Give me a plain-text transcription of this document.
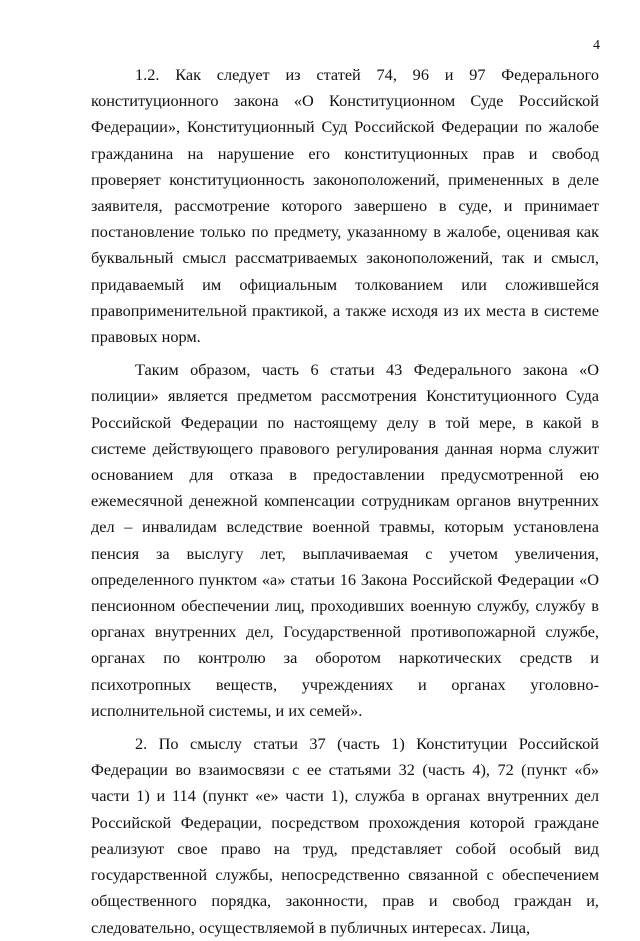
4

1.2. Как следует из статей 74, 96 и 97 Федерального конституционного закона «О Конституционном Суде Российской Федерации», Конституционный Суд Российской Федерации по жалобе гражданина на нарушение его конституционных прав и свобод проверяет конституционность законоположений, примененных в деле заявителя, рассмотрение которого завершено в суде, и принимает постановление только по предмету, указанному в жалобе, оценивая как буквальный смысл рассматриваемых законоположений, так и смысл, придаваемый им официальным толкованием или сложившейся правоприменительной практикой, а также исходя из их места в системе правовых норм.

Таким образом, часть 6 статьи 43 Федерального закона «О полиции» является предметом рассмотрения Конституционного Суда Российской Федерации по настоящему делу в той мере, в какой в системе действующего правового регулирования данная норма служит основанием для отказа в предоставлении предусмотренной ею ежемесячной денежной компенсации сотрудникам органов внутренних дел – инвалидам вследствие военной травмы, которым установлена пенсия за выслугу лет, выплачиваемая с учетом увеличения, определенного пунктом «а» статьи 16 Закона Российской Федерации «О пенсионном обеспечении лиц, проходивших военную службу, службу в органах внутренних дел, Государственной противопожарной службе, органах по контролю за оборотом наркотических средств и психотропных веществ, учреждениях и органах уголовно-исполнительной системы, и их семей».

2. По смыслу статьи 37 (часть 1) Конституции Российской Федерации во взаимосвязи с ее статьями 32 (часть 4), 72 (пункт «б» части 1) и 114 (пункт «е» части 1), служба в органах внутренних дел Российской Федерации, посредством прохождения которой граждане реализуют свое право на труд, представляет собой особый вид государственной службы, непосредственно связанной с обеспечением общественного порядка, законности, прав и свобод граждан и, следовательно, осуществляемой в публичных интересах. Лица,
